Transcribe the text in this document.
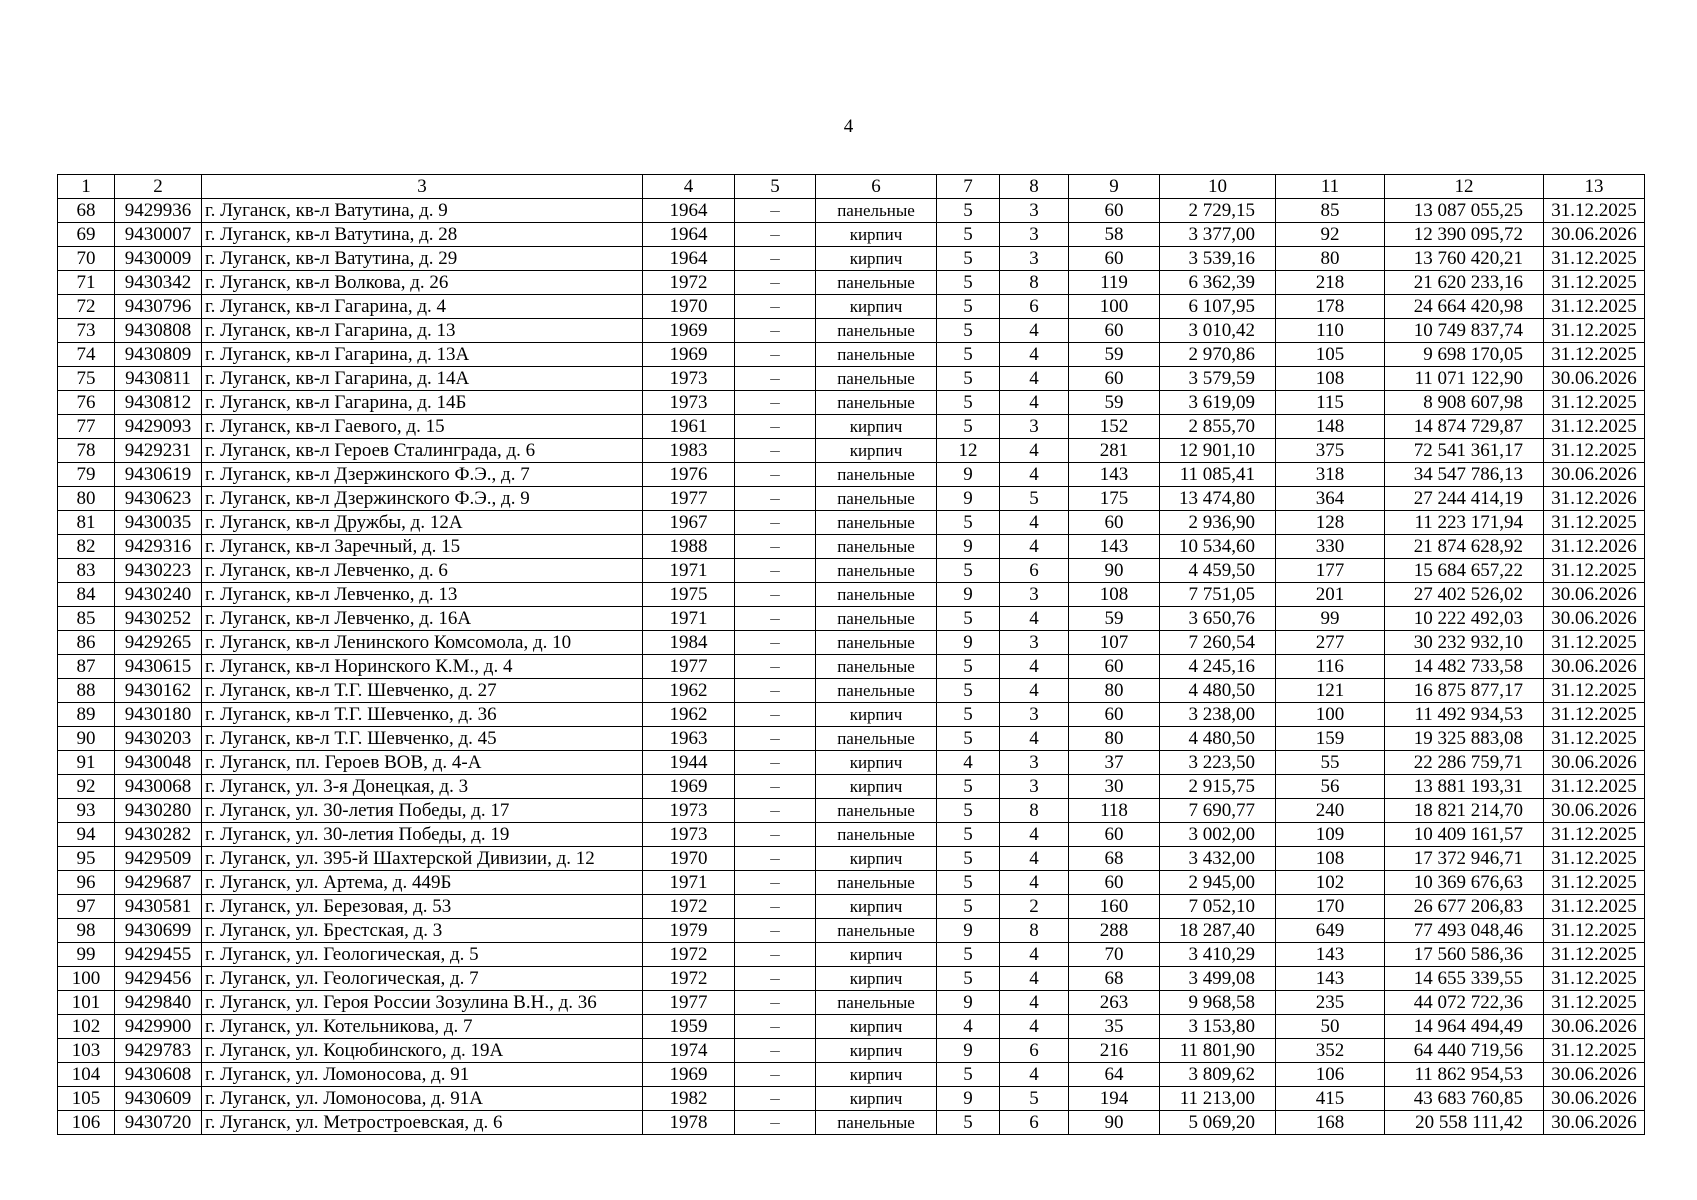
4
1	2	3	4	5	6	7	8	9	10	11	12	13
68	9429936	г. Луганск, кв-л Ватутина, д. 9	1964	–	панельные	5	3	60	2 729,15	85	13 087 055,25	31.12.2025
69	9430007	г. Луганск, кв-л Ватутина, д. 28	1964	–	кирпич	5	3	58	3 377,00	92	12 390 095,72	30.06.2026
70	9430009	г. Луганск, кв-л Ватутина, д. 29	1964	–	кирпич	5	3	60	3 539,16	80	13 760 420,21	31.12.2025
71	9430342	г. Луганск, кв-л Волкова, д. 26	1972	–	панельные	5	8	119	6 362,39	218	21 620 233,16	31.12.2025
72	9430796	г. Луганск, кв-л Гагарина, д. 4	1970	–	кирпич	5	6	100	6 107,95	178	24 664 420,98	31.12.2025
73	9430808	г. Луганск, кв-л Гагарина, д. 13	1969	–	панельные	5	4	60	3 010,42	110	10 749 837,74	31.12.2025
74	9430809	г. Луганск, кв-л Гагарина, д. 13А	1969	–	панельные	5	4	59	2 970,86	105	9 698 170,05	31.12.2025
75	9430811	г. Луганск, кв-л Гагарина, д. 14А	1973	–	панельные	5	4	60	3 579,59	108	11 071 122,90	30.06.2026
76	9430812	г. Луганск, кв-л Гагарина, д. 14Б	1973	–	панельные	5	4	59	3 619,09	115	8 908 607,98	31.12.2025
77	9429093	г. Луганск, кв-л Гаевого, д. 15	1961	–	кирпич	5	3	152	2 855,70	148	14 874 729,87	31.12.2025
78	9429231	г. Луганск, кв-л Героев Сталинграда, д. 6	1983	–	кирпич	12	4	281	12 901,10	375	72 541 361,17	31.12.2025
79	9430619	г. Луганск, кв-л Дзержинского Ф.Э., д. 7	1976	–	панельные	9	4	143	11 085,41	318	34 547 786,13	30.06.2026
80	9430623	г. Луганск, кв-л Дзержинского Ф.Э., д. 9	1977	–	панельные	9	5	175	13 474,80	364	27 244 414,19	31.12.2026
81	9430035	г. Луганск, кв-л Дружбы, д. 12А	1967	–	панельные	5	4	60	2 936,90	128	11 223 171,94	31.12.2025
82	9429316	г. Луганск, кв-л Заречный, д. 15	1988	–	панельные	9	4	143	10 534,60	330	21 874 628,92	31.12.2026
83	9430223	г. Луганск, кв-л Левченко, д. 6	1971	–	панельные	5	6	90	4 459,50	177	15 684 657,22	31.12.2025
84	9430240	г. Луганск, кв-л Левченко, д. 13	1975	–	панельные	9	3	108	7 751,05	201	27 402 526,02	30.06.2026
85	9430252	г. Луганск, кв-л Левченко, д. 16А	1971	–	панельные	5	4	59	3 650,76	99	10 222 492,03	30.06.2026
86	9429265	г. Луганск, кв-л Ленинского Комсомола, д. 10	1984	–	панельные	9	3	107	7 260,54	277	30 232 932,10	31.12.2025
87	9430615	г. Луганск, кв-л Норинского К.М., д. 4	1977	–	панельные	5	4	60	4 245,16	116	14 482 733,58	30.06.2026
88	9430162	г. Луганск, кв-л Т.Г. Шевченко, д. 27	1962	–	панельные	5	4	80	4 480,50	121	16 875 877,17	31.12.2025
89	9430180	г. Луганск, кв-л Т.Г. Шевченко, д. 36	1962	–	кирпич	5	3	60	3 238,00	100	11 492 934,53	31.12.2025
90	9430203	г. Луганск, кв-л Т.Г. Шевченко, д. 45	1963	–	панельные	5	4	80	4 480,50	159	19 325 883,08	31.12.2025
91	9430048	г. Луганск, пл. Героев ВОВ, д. 4-А	1944	–	кирпич	4	3	37	3 223,50	55	22 286 759,71	30.06.2026
92	9430068	г. Луганск, ул. 3-я Донецкая, д. 3	1969	–	кирпич	5	3	30	2 915,75	56	13 881 193,31	31.12.2025
93	9430280	г. Луганск, ул. 30-летия Победы, д. 17	1973	–	панельные	5	8	118	7 690,77	240	18 821 214,70	30.06.2026
94	9430282	г. Луганск, ул. 30-летия Победы, д. 19	1973	–	панельные	5	4	60	3 002,00	109	10 409 161,57	31.12.2025
95	9429509	г. Луганск, ул. 395-й Шахтерской Дивизии, д. 12	1970	–	кирпич	5	4	68	3 432,00	108	17 372 946,71	31.12.2025
96	9429687	г. Луганск, ул. Артема, д. 449Б	1971	–	панельные	5	4	60	2 945,00	102	10 369 676,63	31.12.2025
97	9430581	г. Луганск, ул. Березовая, д. 53	1972	–	кирпич	5	2	160	7 052,10	170	26 677 206,83	31.12.2025
98	9430699	г. Луганск, ул. Брестская, д. 3	1979	–	панельные	9	8	288	18 287,40	649	77 493 048,46	31.12.2025
99	9429455	г. Луганск, ул. Геологическая, д. 5	1972	–	кирпич	5	4	70	3 410,29	143	17 560 586,36	31.12.2025
100	9429456	г. Луганск, ул. Геологическая, д. 7	1972	–	кирпич	5	4	68	3 499,08	143	14 655 339,55	31.12.2025
101	9429840	г. Луганск, ул. Героя России Зозулина В.Н., д. 36	1977	–	панельные	9	4	263	9 968,58	235	44 072 722,36	31.12.2025
102	9429900	г. Луганск, ул. Котельникова, д. 7	1959	–	кирпич	4	4	35	3 153,80	50	14 964 494,49	30.06.2026
103	9429783	г. Луганск, ул. Коцюбинского, д. 19А	1974	–	кирпич	9	6	216	11 801,90	352	64 440 719,56	31.12.2025
104	9430608	г. Луганск, ул. Ломоносова, д. 91	1969	–	кирпич	5	4	64	3 809,62	106	11 862 954,53	30.06.2026
105	9430609	г. Луганск, ул. Ломоносова, д. 91А	1982	–	кирпич	9	5	194	11 213,00	415	43 683 760,85	30.06.2026
106	9430720	г. Луганск, ул. Метростроевская, д. 6	1978	–	панельные	5	6	90	5 069,20	168	20 558 111,42	30.06.2026
